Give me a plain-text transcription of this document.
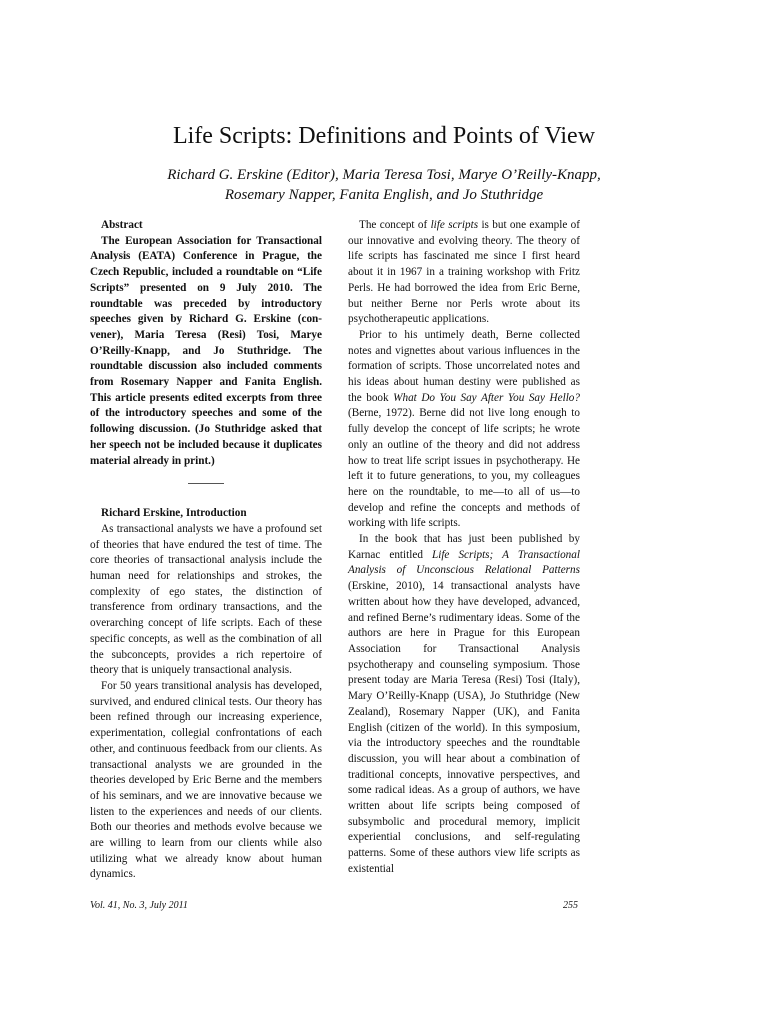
Life Scripts: Definitions and Points of View
Richard G. Erskine (Editor), Maria Teresa Tosi, Marye O’Reilly-Knapp,
Rosemary Napper, Fanita English, and Jo Stuthridge

Abstract

The European Association for Transactional Analysis (EATA) Conference in Prague, the Czech Republic, included a roundtable on “Life Scripts” presented on 9 July 2010. The roundtable was preceded by introductory speeches given by Richard G. Erskine (convener), Maria Teresa (Resi) Tosi, Marye O’Reilly-Knapp, and Jo Stuthridge. The roundtable discussion also included comments from Rosemary Napper and Fanita English. This article presents edited excerpts from three of the introductory speeches and some of the following discussion. (Jo Stuthridge asked that her speech not be included because it duplicates material already in print.)

Richard Erskine, Introduction

As transactional analysts we have a profound set of theories that have endured the test of time. The core theories of transactional analysis include the human need for relationships and strokes, the complexity of ego states, the distinction of transference from ordinary transactions, and the overarching concept of life scripts. Each of these specific concepts, as well as the combination of all the subconcepts, provides a rich repertoire of theory that is uniquely transactional analysis.

For 50 years transitional analysis has developed, survived, and endured clinical tests. Our theory has been refined through our increasing experience, experimentation, collegial confrontations of each other, and continuous feedback from our clients. As transactional analysts we are grounded in the theories developed by Eric Berne and the members of his seminars, and we are innovative because we listen to the experiences and needs of our clients. Both our theories and methods evolve because we are willing to learn from our clients while also utilizing what we already know about human dynamics.

The concept of life scripts is but one example of our innovative and evolving theory. The theory of life scripts has fascinated me since I first heard about it in 1967 in a training workshop with Fritz Perls. He had borrowed the idea from Eric Berne, but neither Berne nor Perls wrote about its psychotherapeutic applications.

Prior to his untimely death, Berne collected notes and vignettes about various influences in the formation of scripts. Those uncorrelated notes and his ideas about human destiny were published as the book What Do You Say After You Say Hello? (Berne, 1972). Berne did not live long enough to fully develop the concept of life scripts; he wrote only an outline of the theory and did not address how to treat life script issues in psychotherapy. He left it to future generations, to you, my colleagues here on the roundtable, to me—to all of us—to develop and refine the concepts and methods of working with life scripts.

In the book that has just been published by Karnac entitled Life Scripts; A Transactional Analysis of Unconscious Relational Patterns (Erskine, 2010), 14 transactional analysts have written about how they have developed, advanced, and refined Berne’s rudimentary ideas. Some of the authors are here in Prague for this European Association for Transactional Analysis psychotherapy and counseling symposium. Those present today are Maria Teresa (Resi) Tosi (Italy), Mary O’Reilly-Knapp (USA), Jo Stuthridge (New Zealand), Rosemary Napper (UK), and Fanita English (citizen of the world). In this symposium, via the introductory speeches and the roundtable discussion, you will hear about a combination of traditional concepts, innovative perspectives, and some radical ideas. As a group of authors, we have written about life scripts being composed of subsymbolic and procedural memory, implicit experiential conclusions, and self-regulating patterns. Some of these authors view life scripts as existential

Vol. 41, No. 3, July 2011	255
